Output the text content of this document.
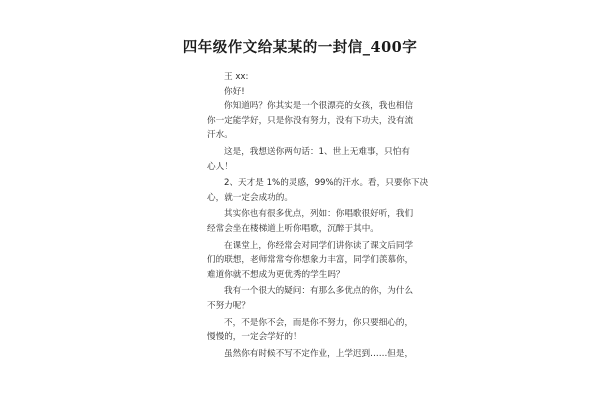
四年级作文给某某的一封信_400字
王 xx:
你好!
你知道吗？你其实是一个很漂亮的女孩，我也相信
你一定能学好，只是你没有努力，没有下功夫，没有流
汗水。
这是，我想送你两句话：1、世上无难事，只怕有
心人！
2、天才是 1%的灵感，99%的汗水。看，只要你下决
心，就一定会成功的。
其实你也有很多优点，列如：你唱歌很好听，我们
经常会坐在楼梯道上听你唱歌，沉醉于其中。
在课堂上，你经常会对同学们讲你读了课文后同学
们的联想，老师常常夸你想象力丰富，同学们羡慕你，
难道你就不想成为更优秀的学生吗？
我有一个很大的疑问：有那么多优点的你，为什么
不努力呢？
不，不是你不会，而是你不努力，你只要细心的，
慢慢的，一定会学好的！
虽然你有时候不写不定作业，上学迟到……但是，
